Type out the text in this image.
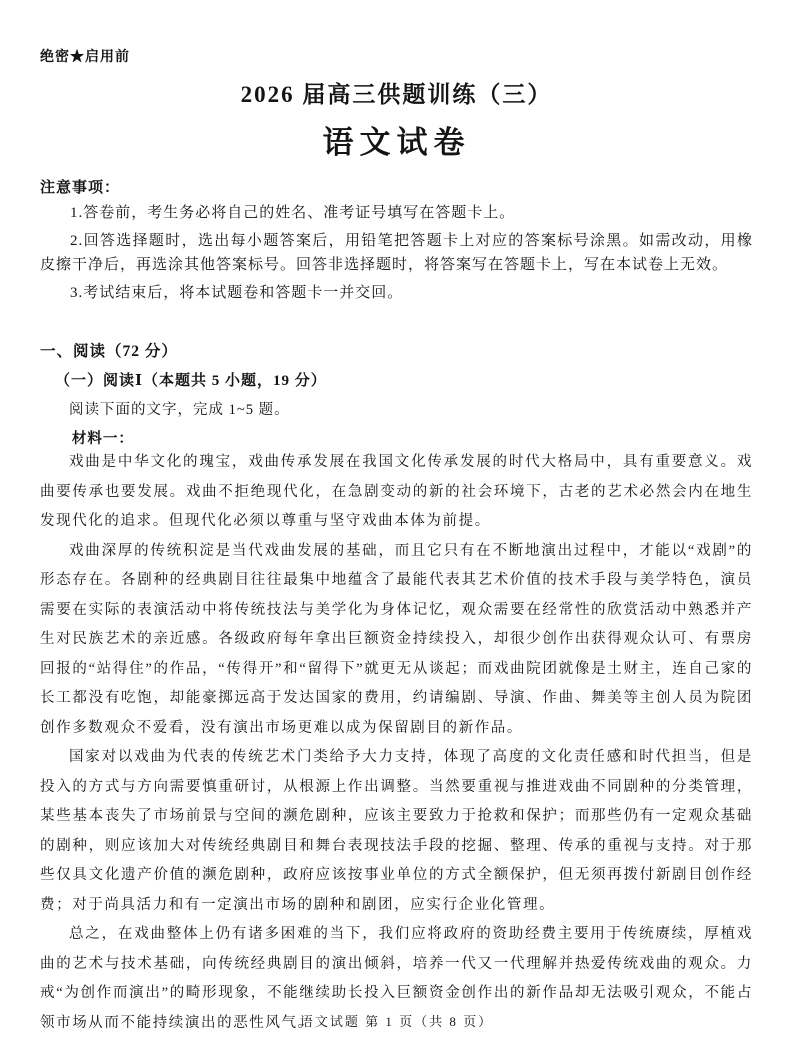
绝密★启用前
2026 届高三供题训练（三）
语文试卷
注意事项：

1.答卷前，考生务必将自己的姓名、准考证号填写在答题卡上。

2.回答选择题时，选出每小题答案后，用铅笔把答题卡上对应的答案标号涂黑。如需改动，用橡皮擦干净后，再选涂其他答案标号。回答非选择题时，将答案写在答题卡上，写在本试卷上无效。

3.考试结束后，将本试题卷和答题卡一并交回。

一、阅读（72 分）
（一）阅读Ⅰ（本题共 5 小题，19 分）
阅读下面的文字，完成 1~5 题。
材料一：

戏曲是中华文化的瑰宝，戏曲传承发展在我国文化传承发展的时代大格局中，具有重要意义。戏曲要传承也要发展。戏曲不拒绝现代化，在急剧变动的新的社会环境下，古老的艺术必然会内在地生发现代化的追求。但现代化必须以尊重与坚守戏曲本体为前提。

戏曲深厚的传统积淀是当代戏曲发展的基础，而且它只有在不断地演出过程中，才能以“戏剧”的形态存在。各剧种的经典剧目往往最集中地蕴含了最能代表其艺术价值的技术手段与美学特色，演员需要在实际的表演活动中将传统技法与美学化为身体记忆，观众需要在经常性的欣赏活动中熟悉并产生对民族艺术的亲近感。各级政府每年拿出巨额资金持续投入，却很少创作出获得观众认可、有票房回报的“站得住”的作品，“传得开”和“留得下”就更无从谈起；而戏曲院团就像是土财主，连自己家的长工都没有吃饱，却能豪掷远高于发达国家的费用，约请编剧、导演、作曲、舞美等主创人员为院团创作多数观众不爱看，没有演出市场更难以成为保留剧目的新作品。

国家对以戏曲为代表的传统艺术门类给予大力支持，体现了高度的文化责任感和时代担当，但是投入的方式与方向需要慎重研讨，从根源上作出调整。当然要重视与推进戏曲不同剧种的分类管理，某些基本丧失了市场前景与空间的濒危剧种，应该主要致力于抢救和保护；而那些仍有一定观众基础的剧种，则应该加大对传统经典剧目和舞台表现技法手段的挖掘、整理、传承的重视与支持。对于那些仅具文化遗产价值的濒危剧种，政府应该按事业单位的方式全额保护，但无须再拨付新剧目创作经费；对于尚具活力和有一定演出市场的剧种和剧团，应实行企业化管理。

总之，在戏曲整体上仍有诸多困难的当下，我们应将政府的资助经费主要用于传统赓续，厚植戏曲的艺术与技术基础，向传统经典剧目的演出倾斜，培养一代又一代理解并热爱传统戏曲的观众。力戒“为创作而演出”的畸形现象，不能继续助长投入巨额资金创作出的新作品却无法吸引观众，不能占领市场从而不能持续演出的恶性风气。

语文试题 第 1 页（共 8 页）
